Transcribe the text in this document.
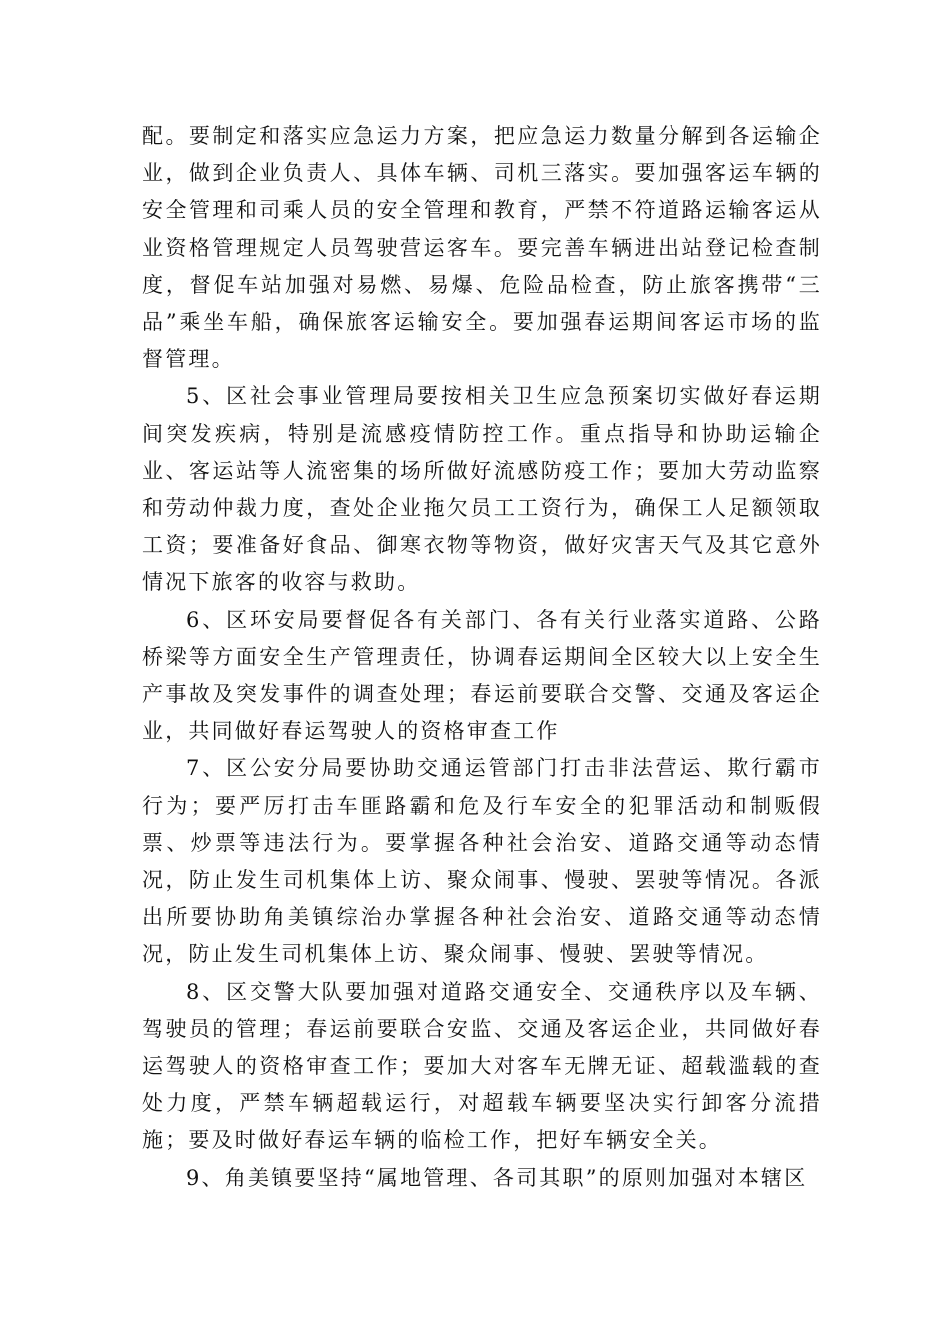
配。要制定和落实应急运力方案，把应急运力数量分解到各运输企业，做到企业负责人、具体车辆、司机三落实。要加强客运车辆的安全管理和司乘人员的安全管理和教育，严禁不符道路运输客运从业资格管理规定人员驾驶营运客车。要完善车辆进出站登记检查制度，督促车站加强对易燃、易爆、危险品检查，防止旅客携带“三品”乘坐车船，确保旅客运输安全。要加强春运期间客运市场的监督管理。

5、区社会事业管理局要按相关卫生应急预案切实做好春运期间突发疾病，特别是流感疫情防控工作。重点指导和协助运输企业、客运站等人流密集的场所做好流感防疫工作；要加大劳动监察和劳动仲裁力度，查处企业拖欠员工工资行为，确保工人足额领取工资；要准备好食品、御寒衣物等物资，做好灾害天气及其它意外情况下旅客的收容与救助。

6、区环安局要督促各有关部门、各有关行业落实道路、公路桥梁等方面安全生产管理责任，协调春运期间全区较大以上安全生产事故及突发事件的调查处理；春运前要联合交警、交通及客运企业，共同做好春运驾驶人的资格审查工作

7、区公安分局要协助交通运管部门打击非法营运、欺行霸市行为；要严厉打击车匪路霸和危及行车安全的犯罪活动和制贩假票、炒票等违法行为。要掌握各种社会治安、道路交通等动态情况，防止发生司机集体上访、聚众闹事、慢驶、罢驶等情况。各派出所要协助角美镇综治办掌握各种社会治安、道路交通等动态情况，防止发生司机集体上访、聚众闹事、慢驶、罢驶等情况。

8、区交警大队要加强对道路交通安全、交通秩序以及车辆、驾驶员的管理；春运前要联合安监、交通及客运企业，共同做好春运驾驶人的资格审查工作；要加大对客车无牌无证、超载滥载的查处力度，严禁车辆超载运行，对超载车辆要坚决实行卸客分流措施；要及时做好春运车辆的临检工作，把好车辆安全关。

9、角美镇要坚持“属地管理、各司其职”的原则加强对本辖区
